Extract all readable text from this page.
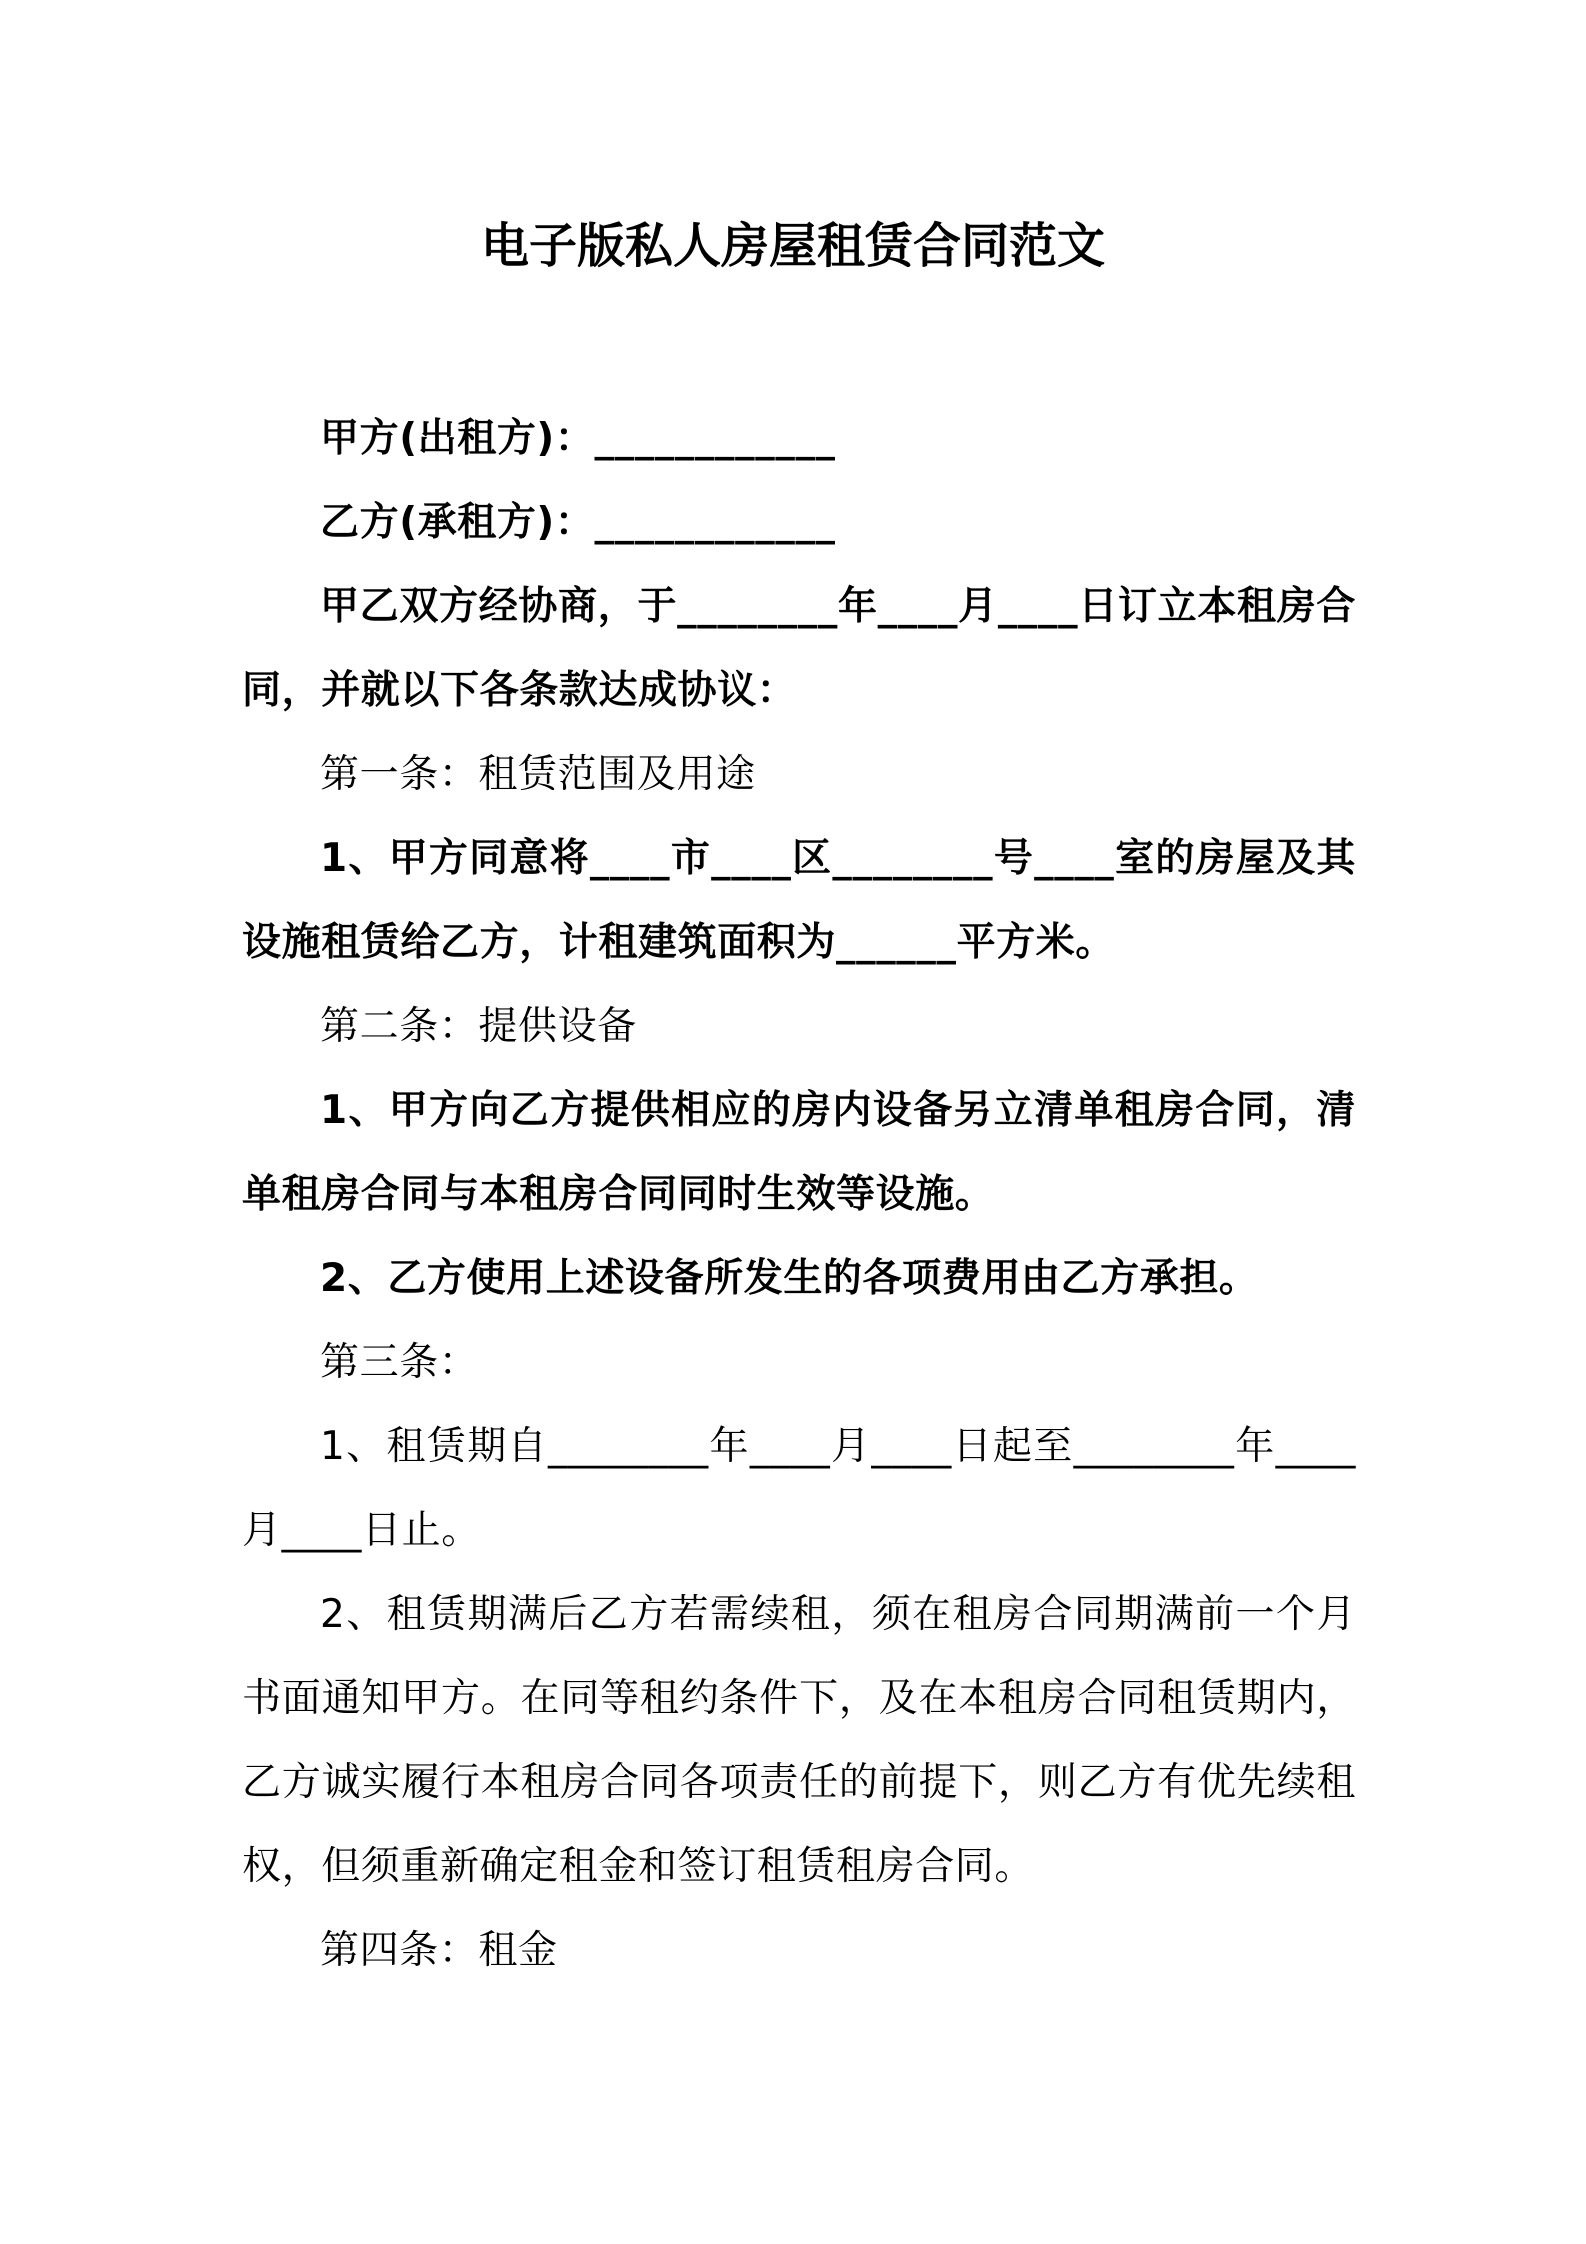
电子版私人房屋租赁合同范文

甲方(出租方)：____________

乙方(承租方)：____________

甲乙双方经协商，于________年____月____日订立本租房合同，并就以下各条款达成协议：

第一条：租赁范围及用途

1、甲方同意将____市____区________号____室的房屋及其设施租赁给乙方，计租建筑面积为______平方米。

第二条：提供设备

1、甲方向乙方提供相应的房内设备另立清单租房合同，清单租房合同与本租房合同同时生效等设施。

2、乙方使用上述设备所发生的各项费用由乙方承担。

第三条：

1、租赁期自________年____月____日起至________年____月____日止。

2、租赁期满后乙方若需续租，须在租房合同期满前一个月书面通知甲方。在同等租约条件下，及在本租房合同租赁期内，乙方诚实履行本租房合同各项责任的前提下，则乙方有优先续租权，但须重新确定租金和签订租赁租房合同。

第四条：租金
